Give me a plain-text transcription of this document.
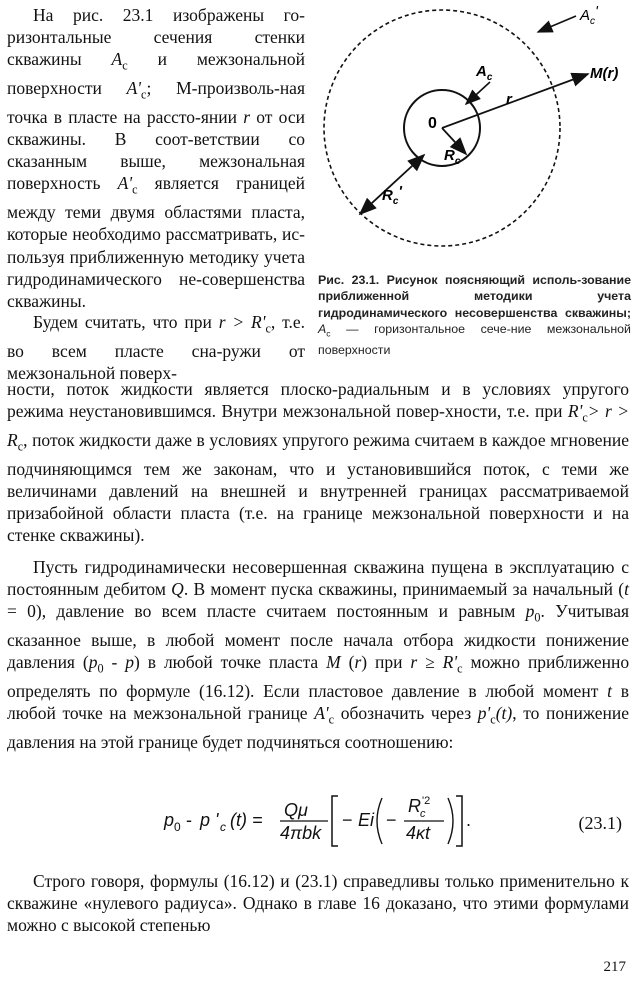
$A_c'$
$A_c$	M(r)
r
0
$R_c$
$R_c'$
Рис. 23.1. Рисунок поясняющий исполь-зование приближенной методики учета гидродинамического несовершенства скважины; $A_c$ — горизонтальное сече-ние межзональной поверхности
На рис. 23.1 изображены го-ризонтальные сечения стенки скважины $A_c$ и межзональной поверхности $A'_c$; М-произволь-ная точка в пласте на рассто-янии r от оси скважины. В соот-ветствии со сказанным выше, межзональная поверхность $A'_c$ является границей между теми двумя областями пласта, которые необходимо рассматривать, ис-пользуя приближенную методику учета гидродинамического не-совершенства скважины.
Будем считать, что при $r > R'_c$, т.е. во всем пласте сна-ружи от межзональной поверх-
ности, поток жидкости является плоско-радиальным и в условиях упругого режима неустановившимся. Внутри межзональной повер-хности, т.е. при $R'_c> r > R_c$, поток жидкости даже в условиях упругого режима считаем в каждое мгновение подчиняющимся тем же законам, что и установившийся поток, с теми же величинами давлений на внешней и внутренней границах рассматриваемой призабойной области пласта (т.е. на границе межзональной поверхности и на стенке скважины).
Пусть гидродинамически несовершенная скважина пущена в эксплуатацию с постоянным дебитом Q. В момент пуска скважины, принимаемый за начальный (t = 0), давление во всем пласте считаем постоянным и равным $p_0$. Учитывая сказанное выше, в любой момент после начала отбора жидкости понижение давления $(p_0 - p)$ в любой точке пласта M (r) при $r \ge R'_c$ можно приближенно определять по формуле (16.12). Если пластовое давление в любой момент t в любой точке на межзональной границе $A'_c$ обозначить через $p'_c(t)$, то понижение давления на этой границе будет подчиняться соотношению:
p 0 - p ' c (t) = Qμ
4πbk
− Ei −
R c
'2
4κt
.	(23.1)
Строго говоря, формулы (16.12) и (23.1) справедливы только применительно к скважине «нулевого радиуса». Однако в главе 16 доказано, что этими формулами можно с высокой степенью
217
